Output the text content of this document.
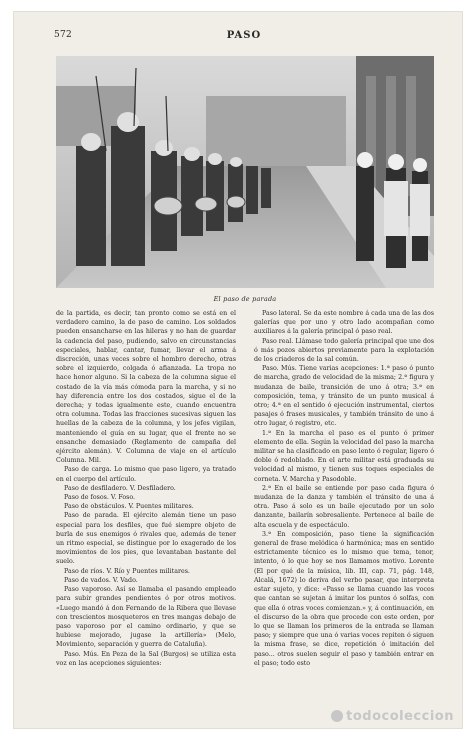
572	PASO
El paso de parada

de la partida, es decir, tan pronto como se está en el verdadero camino, la de paso de camino. Los soldados pueden ensancharse en las hileras y no han de guardar la cadencia del paso, pudiendo, salvo en circunstancias especiales, hablar, cantar, fumar, llevar el arma á discreción, unas veces sobre el hombro derecho, otras sobre el izquierdo, colgada ó afianzada. La tropa no hace honor alguno. Si la cabeza de la columna sigue el costado de la vía más cómoda para la marcha, y si no hay diferencia entre los dos costados, sigue el de la derecha; y todas igualmente este, cuando encuentra otra columna. Todas las fracciones sucesivas siguen las huellas de la cabeza de la columna, y los jefes vigilan, manteniendo el guía en su lugar, que el frente no se ensanche demasiado (Reglamento de campaña del ejército alemán). V. Columna de viaje en el artículo Columna. Mil.

Paso de carga. Lo mismo que paso ligero, ya tratado en el cuerpo del artículo.

Paso de desfiladero. V. Desfiladero.

Paso de fosos. V. Foso.

Paso de obstáculos. V. Puentes militares.

Paso de parada. El ejército alemán tiene un paso especial para los desfiles, que fué siempre objeto de burla de sus enemigos ó rivales que, además de tener un ritmo especial, se distingue por lo exagerado de los movimientos de los pies, que levantaban bastante del suelo.

Paso de ríos. V. Río y Puentes militares.

Paso de vados. V. Vado.

Paso vaporoso. Así se llamaba el pasando empleado para subir grandes pendientes ó por otros motivos. «Luego mandó á don Fernando de la Ribera que llevase con trescientos mosqueteros en tres mangas debajo de paso vaporoso por el camino ordinario, y que se hubiese mejorado, jugase la artillería» (Melo, Movimiento, separación y guerra de Cataluña).

Paso. Mús. En Peza de la Sal (Burgos) se utiliza esta voz en las acepciones siguientes:

Paso lateral. Se da este nombre á cada una de las dos galerías que por uno y otro lado acompañan como auxiliares á la galería principal ó paso real.

Paso real. Llámase todo galería principal que une dos ó más pozos abiertos previamente para la explotación de los criaderos de la sal común.

Paso. Mús. Tiene varias acepciones: 1.ª paso ó punto de marcha, grado de velocidad de la misma; 2.ª figura y mudanza de baile, transición de uno á otra; 3.ª en composición, tema, y tránsito de un punto musical á otro; 4.ª en el sentido ó ejecución instrumental, ciertos pasajes ó frases musicales, y también tránsito de uno á otro lugar, ó registro, etc.

1.ª En la marcha el paso es el punto ó primer elemento de ella. Según la velocidad del paso la marcha militar se ha clasificado en paso lento ó regular, ligero ó doble ó redoblado. En el arte militar está graduada su velocidad al mismo, y tienen sus toques especiales de corneta. V. Marcha y Pasodoble.

2.ª En el baile se entiende por paso cada figura ó mudanza de la danza y también el tránsito de una á otra. Paso á solo es un baile ejecutado por un solo danzante, bailarín sobresaliente. Pertenece al baile de alta escuela y de espectáculo.

3.ª En composición, paso tiene la significación general de frase melódica ó harmónica; mas en sentido estrictamente técnico es lo mismo que tema, tenor, intento, ó lo que hoy se nos llamamos motivo. Lorente (El por qué de la música, lib. III, cap. 71, pág. 148, Alcalá, 1672) lo deriva del verbo pasar, que interpreta estar sujeto, y dice: «Passo se llama cuando las voces que cantan se sujetan á imitar los puntos ó solfas, con que ella ó otras voces comienzan.» y, á continuación, en el discurso de la obra que procede con este orden, por lo que se llaman los primeros de la entrada se llaman paso; y siempre que una ó varias voces repiten ó siguen la misma frase, se dice, repetición ó imitación del paso... otros suelen seguir el paso y también entrar en el paso; todo esto

todocoleccion
